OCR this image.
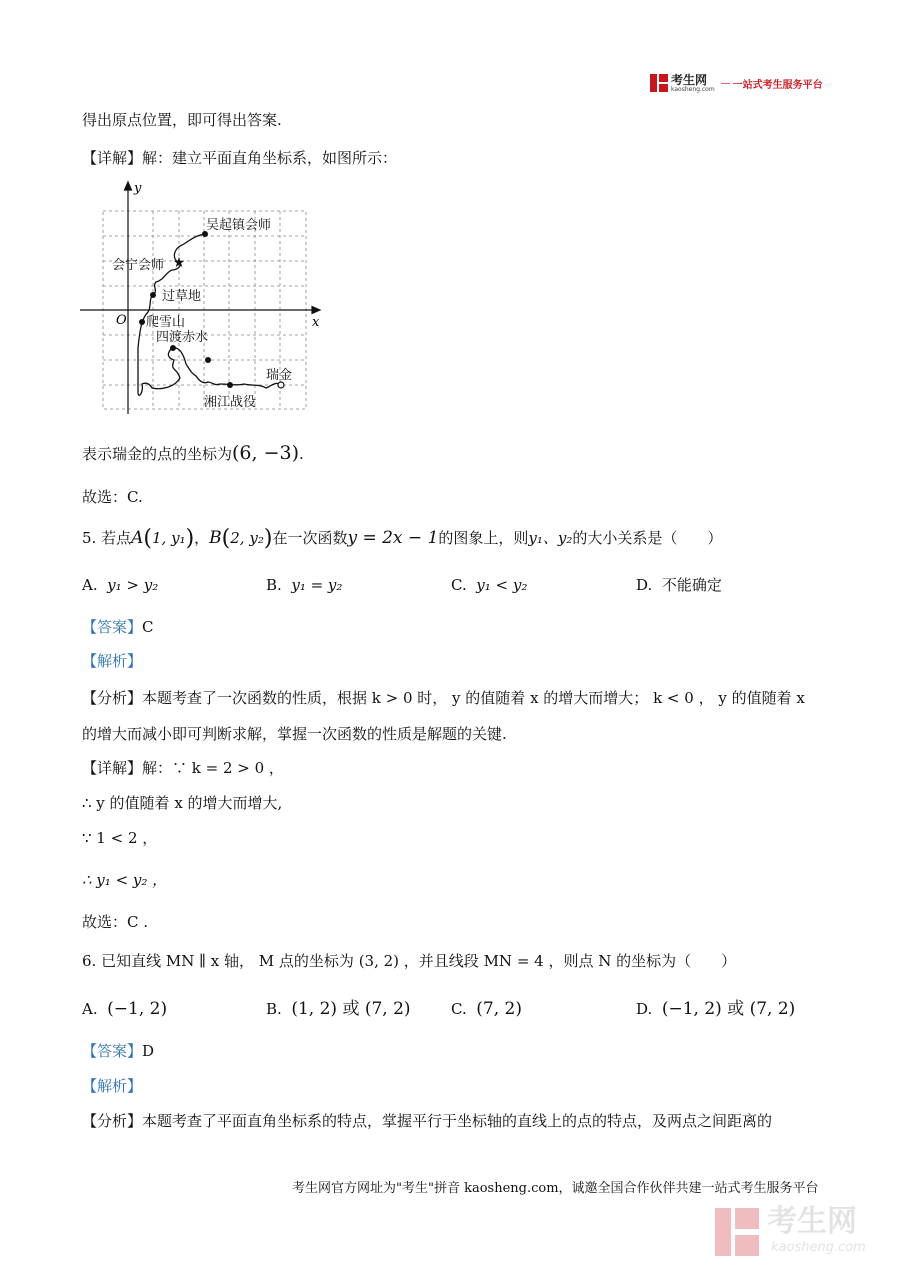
考生网
kaosheng.com
— 一站式考生服务平台
得出原点位置，即可得出答案.
【详解】解：建立平面直角坐标系，如图所示：
★
y
x
O
吴起镇会师
会宁会师
过草地
爬雪山
四渡赤水
瑞金
湘江战役
表示瑞金的点的坐标为(6, −3).
故选：C.
5. 若点A(1, y₁)，B(2, y₂)在一次函数y = 2x − 1的图象上，则y₁、y₂的大小关系是（　　）
A. y₁ > y₂	B. y₁ = y₂	C. y₁ < y₂	D. 不能确定
【答案】C
【解析】
【分析】本题考查了一次函数的性质，根据 k > 0 时， y 的值随着 x 的增大而增大； k < 0 ， y 的值随着 x
的增大而减小即可判断求解，掌握一次函数的性质是解题的关键.
【详解】解：∵ k = 2 > 0 ，
∴ y 的值随着 x 的增大而增大,
∵ 1 < 2 ，
∴ y₁ < y₂ ，
故选：C .
6. 已知直线 MN ∥ x 轴， M 点的坐标为 (3, 2) ，并且线段 MN = 4 ，则点 N 的坐标为（　　）
A. (−1, 2)	B. (1, 2) 或 (7, 2)	C. (7, 2)	D. (−1, 2) 或 (7, 2)
【答案】D
【解析】
【分析】本题考查了平面直角坐标系的特点，掌握平行于坐标轴的直线上的点的特点，及两点之间距离的
考生网官方网址为"考生"拼音 kaosheng.com，诚邀全国合作伙伴共建一站式考生服务平台
考生网
kaosheng.com
